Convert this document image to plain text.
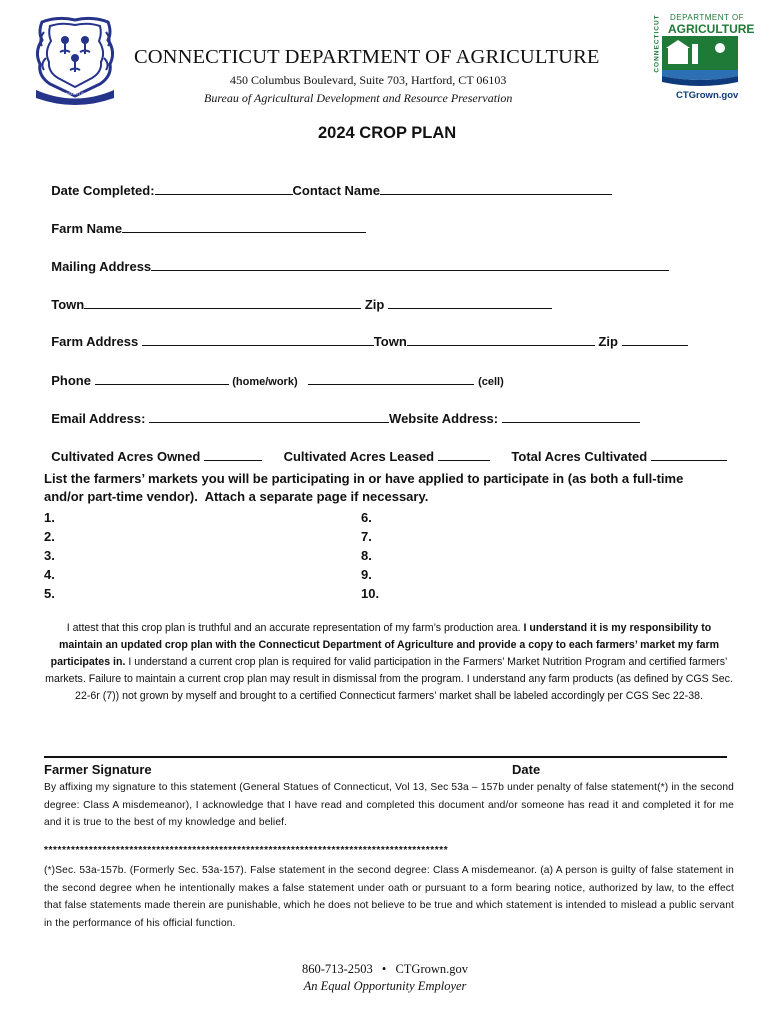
QUI TRANSTULIT SUSTINET
CONNECTICUT DEPARTMENT OF AGRICULTURE
450 Columbus Boulevard, Suite 703, Hartford, CT 06103
Bureau of Agricultural Development and Resource Preservation
CONNECTICUT DEPARTMENT OF
AGRICULTURE
CTGrown.gov
2024 CROP PLAN

Date Completed:	Contact Name

Farm Name

Mailing Address

Town	Zip

Farm Address	Town	Zip

Phone	(home/work)	(cell)

Email Address:	Website Address:

Cultivated Acres Owned	Cultivated Acres Leased	Total Acres Cultivated

List the farmers’ markets you will be participating in or have applied to participate in (as both a full-time
and/or part-time vendor).  Attach a separate page if necessary.
1.
2.
3.
4.
5.
6.
7.
8.
9.
10.
I attest that this crop plan is truthful and an accurate representation of my farm’s production area. I understand it is my responsibility to maintain an updated crop plan with the Connecticut Department of Agriculture and provide a copy to each farmers’ market my farm participates in. I understand a current crop plan is required for valid participation in the Farmers’ Market Nutrition Program and certified farmers’ markets. Failure to maintain a current crop plan may result in dismissal from the program. I understand any farm products (as defined by CGS Sec. 22-6r (7)) not grown by myself and brought to a certified Connecticut farmers’ market shall be labeled accordingly per CGS Sec 22-38.
Farmer Signature	Date
By affixing my signature to this statement (General Statues of Connecticut, Vol 13, Sec 53a – 157b under penalty of false statement(*) in the second degree: Class A misdemeanor), I acknowledge that I have read and completed this document and/or someone has read it and completed it for me and it is true to the best of my knowledge and belief.
******************************************************************************************
(*)Sec. 53a-157b. (Formerly Sec. 53a-157). False statement in the second degree: Class A misdemeanor. (a) A person is guilty of false statement in the second degree when he intentionally makes a false statement under oath or pursuant to a form bearing notice, authorized by law, to the effect that false statements made therein are punishable, which he does not believe to be true and which statement is intended to mislead a public servant in the performance of his official function.
860-713-2503 • CTGrown.gov
An Equal Opportunity Employer
